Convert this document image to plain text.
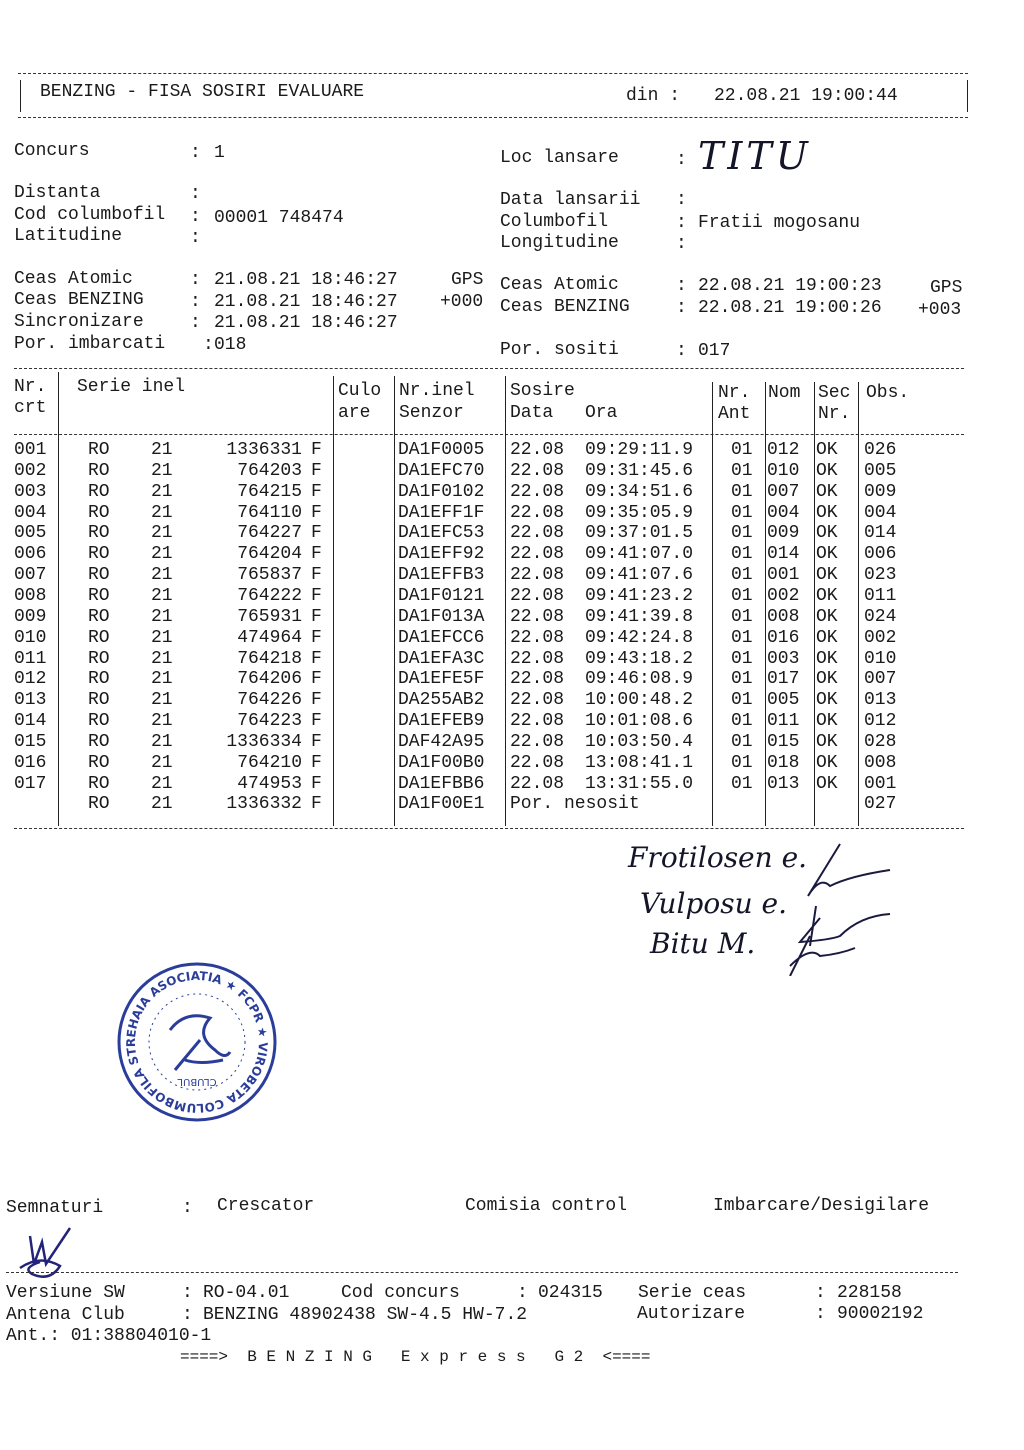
BENZING - FISA SOSIRI EVALUARE	din : 22.08.21 19:00:44
Concurs	: 1
Distanta	:
Cod columbofil : 00001 748474
Latitudine	:
Loc lansare	: TITU
Data lansarii :
Columbofil	: Fratii mogosanu
Longitudine	:
Ceas Atomic	: 21.08.21 18:46:27	GPS
Ceas BENZING	: 21.08.21 18:46:27 +000
Sincronizare	: 21.08.21 18:46:27
Por. imbarcati : 018
Ceas Atomic	: 22.08.21 19:00:23	GPS
Ceas BENZING	: 22.08.21 19:00:26 +003
Por. sositi	: 017
Nr.
crt
Serie inel	Culo
are
Nr.inel
Senzor
Sosire
Data Ora
Nr.
Ant
Nom Sec
Nr.
Obs.
001 RO 21	1336331 F	DA1F0005 22.08 09:29:11.9 01 012 OK 026
002 RO 21	764203 F	DA1EFC70 22.08 09:31:45.6 01 010 OK 005
003 RO 21	764215 F	DA1F0102 22.08 09:34:51.6 01 007 OK 009
004 RO 21	764110 F	DA1EFF1F 22.08 09:35:05.9 01 004 OK 004
005 RO 21	764227 F	DA1EFC53 22.08 09:37:01.5 01 009 OK 014
006 RO 21	764204 F	DA1EFF92 22.08 09:41:07.0 01 014 OK 006
007 RO 21	765837 F	DA1EFFB3 22.08 09:41:07.6 01 001 OK 023
008 RO 21	764222 F	DA1F0121 22.08 09:41:23.2 01 002 OK 011
009 RO 21	765931 F	DA1F013A 22.08 09:41:39.8 01 008 OK 024
010 RO 21	474964 F	DA1EFCC6 22.08 09:42:24.8 01 016 OK 002
011 RO 21	764218 F	DA1EFA3C 22.08 09:43:18.2 01 003 OK 010
012 RO 21	764206 F	DA1EFE5F 22.08 09:46:08.9 01 017 OK 007
013 RO 21	764226 F	DA255AB2 22.08 10:00:48.2 01 005 OK 013
014 RO 21	764223 F	DA1EFEB9 22.08 10:01:08.6 01 011 OK 012
015 RO 21	1336334 F	DAF42A95 22.08 10:03:50.4 01 015 OK 028
016 RO 21	764210 F	DA1F00B0 22.08 13:08:41.1 01 018 OK 008
017 RO 21	474953 F	DA1EFBB6 22.08 13:31:55.0 01 013 OK 001
RO 21	1336332 F	DA1F00E1 Por. nesosit	027
Frotilosen e.
Vulposu e.
Bitu M.
VIROBETA COLUMBOFILA STREHAIA ASOCIATIA ★ FCPR ★
CLUBUL
Semnaturi	: Crescator	Comisia control	Imbarcare/Desigilare
Versiune SW	: RO-04.01	Cod concurs	: 024315 Serie ceas	: 228158
Antena Club	: BENZING 48902438 SW-4.5 HW-7.2	Autorizare	: 90002192
Ant.: 01:38804010-1
====>  B E N Z I N G   E x p r e s s   G 2  <====
